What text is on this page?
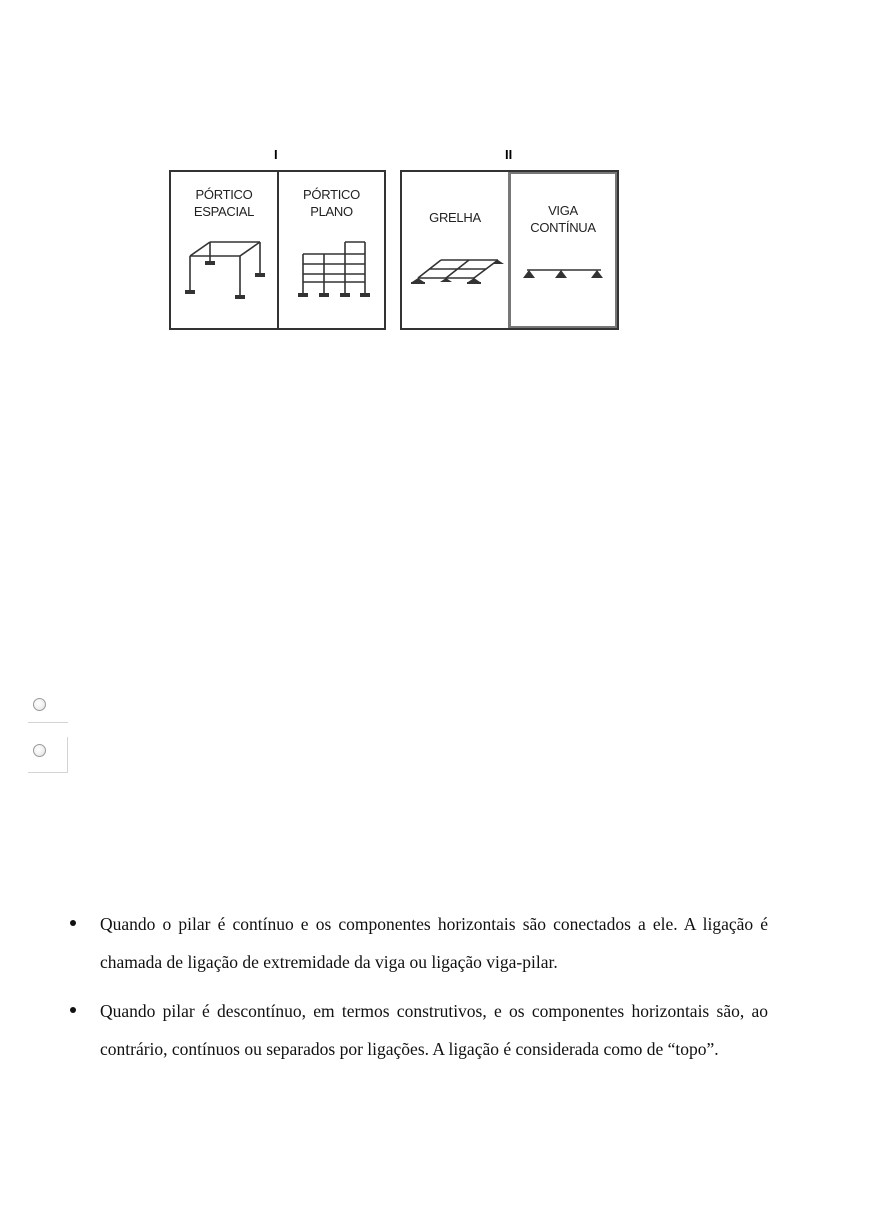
I	II
PÓRTICO
ESPACIAL
PÓRTICO
PLANO	GRELHA	VIGA
CONTÍNUA
Quando o pilar é contínuo e os componentes horizontais são conectados a ele. A ligação é chamada de ligação de extremidade da viga ou ligação viga-pilar.
Quando pilar é descontínuo, em termos construtivos, e os componentes horizontais são, ao contrário, contínuos ou separados por ligações. A ligação é considerada como de “topo”.
